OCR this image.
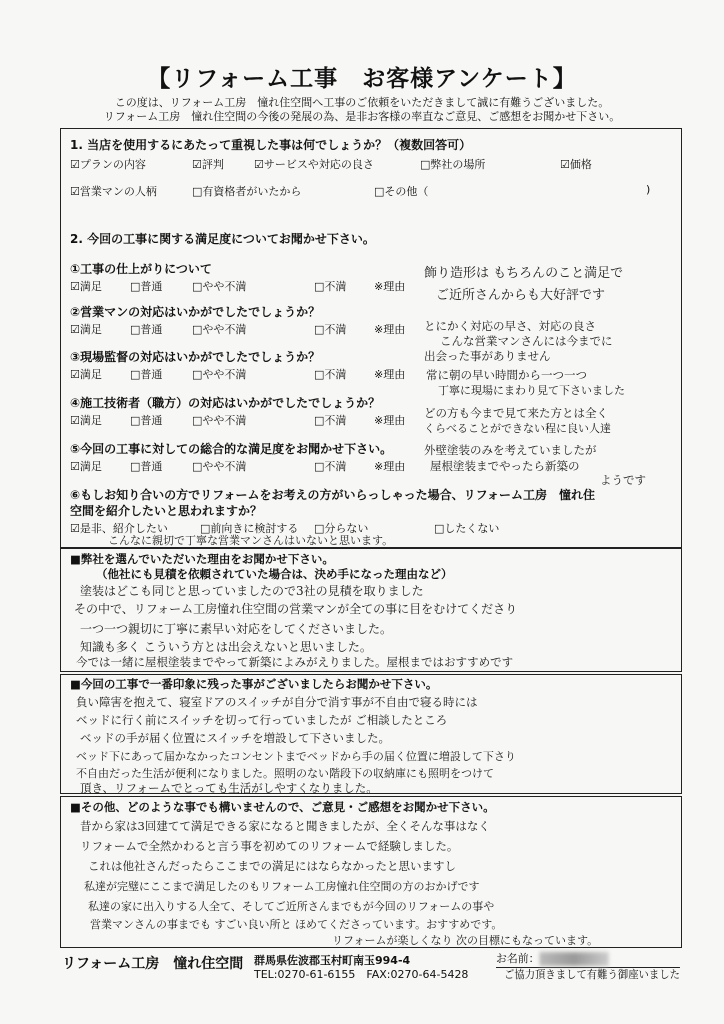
【リフォーム工事　お客様アンケート】
この度は、リフォーム工房　憧れ住空間へ工事のご依頼をいただきまして誠に有難うございました。
リフォーム工房　憧れ住空間の今後の発展の為、是非お客様の率直なご意見、ご感想をお聞かせ下さい。
1. 当店を使用するにあたって重視した事は何でしょうか？（複数回答可）
☑プランの内容	☑評判	☑サービスや対応の良さ	□弊社の場所	☑価格
☑営業マンの人柄	□有資格者がいたから	□その他（	)
2. 今回の工事に関する満足度についてお聞かせ下さい。
①工事の仕上がりについて
☑満足	□普通	□やや不満	□不満	※理由
②営業マンの対応はいかがでしたでしょうか？
☑満足	□普通	□やや不満	□不満	※理由
③現場監督の対応はいかがでしたでしょうか？
☑満足	□普通	□やや不満	□不満	※理由
④施工技術者（職方）の対応はいかがでしたでしょうか？
☑満足	□普通	□やや不満	□不満	※理由
⑤今回の工事に対しての総合的な満足度をお聞かせ下さい。
☑満足	□普通	□やや不満	□不満	※理由
飾り造形は もちろんのこと満足で
ご近所さんからも大好評です
とにかく対応の早さ、対応の良さ
こんな営業マンさんには今までに
出会った事がありません
常に朝の早い時間から一つ一つ
丁寧に現場にまわり見て下さいました
どの方も今まで見て来た方とは全く
くらべることができない程に良い人達
外壁塗装のみを考えていましたが
屋根塗装までやったら新築の
ようです
⑥もしお知り合いの方でリフォームをお考えの方がいらっしゃった場合、リフォーム工房　憧れ住
空間を紹介したいと思われますか？
☑是非、紹介したい	□前向きに検討する □分らない	□したくない
こんなに親切で丁寧な営業マンさんはいないと思います。
■弊社を選んでいただいた理由をお聞かせ下さい。
（他社にも見積を依頼されていた場合は、決め手になった理由など）
塗装はどこも同じと思っていましたので3社の見積を取りました
その中で、リフォーム工房憧れ住空間の営業マンが全ての事に目をむけてくださり
一つ一つ親切に丁寧に素早い対応をしてくださいました。
知識も多く こういう方とは出会えないと思いました。
今では一緒に屋根塗装までやって新築によみがえりました。屋根まではおすすめです
■今回の工事で一番印象に残った事がございましたらお聞かせ下さい。
負い障害を抱えて、寝室ドアのスイッチが自分で消す事が不自由で寝る時には
ベッドに行く前にスイッチを切って行っていましたが ご相談したところ
ベッドの手が届く位置にスイッチを増設して下さいました。
ベッド下にあって届かなかったコンセントまでベッドから手の届く位置に増設して下さり
不自由だった生活が便利になりました。照明のない階段下の収納庫にも照明をつけて
頂き、リフォームでとっても生活がしやすくなりました。
■その他、どのような事でも構いませんので、ご意見・ご感想をお聞かせ下さい。
昔から家は3回建てて満足できる家になると聞きましたが、全くそんな事はなく
リフォームで全然かわると言う事を初めてのリフォームで経験しました。
これは他社さんだったらここまでの満足にはならなかったと思いますし
私達が完璧にここまで満足したのもリフォーム工房憧れ住空間の方のおかげです
私達の家に出入りする人全て、そしてご近所さんまでもが今回のリフォームの事や
営業マンさんの事までも すごい良い所と ほめてくださっています。おすすめです。
リフォームが楽しくなり 次の目標にもなっています。
リフォーム工房　憧れ住空間 群馬県佐波郡玉村町南玉994-4
TEL:0270-61-6155　FAX:0270-64-5428
お名前：
ご協力頂きまして有難う御座いました
